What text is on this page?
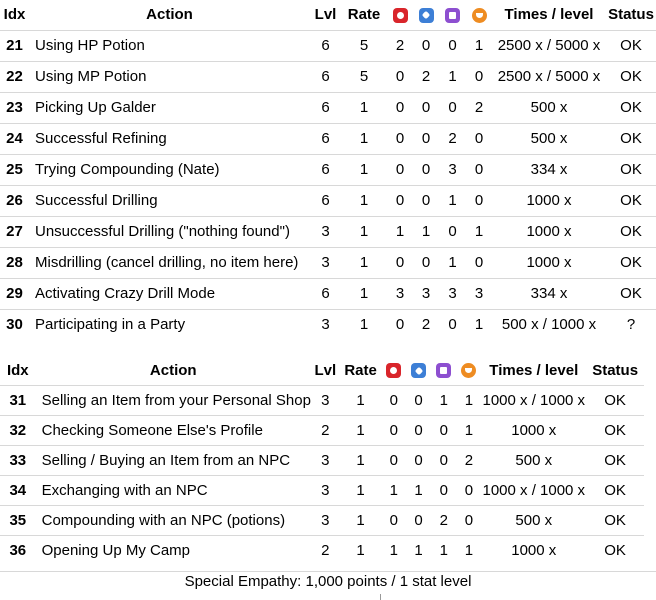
Idx	Action	Lvl	Rate					Times / level	Status
21	Using HP Potion	6	5	2	0	0	1	2500 x / 5000 x	OK
22	Using MP Potion	6	5	0	2	1	0	2500 x / 5000 x	OK
23	Picking Up Galder	6	1	0	0	0	2	500 x	OK
24	Successful Refining	6	1	0	0	2	0	500 x	OK
25	Trying Compounding (Nate)	6	1	0	0	3	0	334 x	OK
26	Successful Drilling	6	1	0	0	1	0	1000 x	OK
27	Unsuccessful Drilling ("nothing found")	3	1	1	1	0	1	1000 x	OK
28	Misdrilling (cancel drilling, no item here)	3	1	0	0	1	0	1000 x	OK
29	Activating Crazy Drill Mode	6	1	3	3	3	3	334 x	OK
30	Participating in a Party	3	1	0	2	0	1	500 x / 1000 x	?
Idx	Action	Lvl	Rate					Times / level	Status
31	Selling an Item from your Personal Shop	3	1	0	0	1	1	1000 x / 1000 x	OK
32	Checking Someone Else's Profile	2	1	0	0	0	1	1000 x	OK
33	Selling / Buying an Item from an NPC	3	1	0	0	0	2	500 x	OK
34	Exchanging with an NPC	3	1	1	1	0	0	1000 x / 1000 x	OK
35	Compounding with an NPC (potions)	3	1	0	0	2	0	500 x	OK
36	Opening Up My Camp	2	1	1	1	1	1	1000 x	OK
Special Empathy: 1,000 points / 1 stat level
